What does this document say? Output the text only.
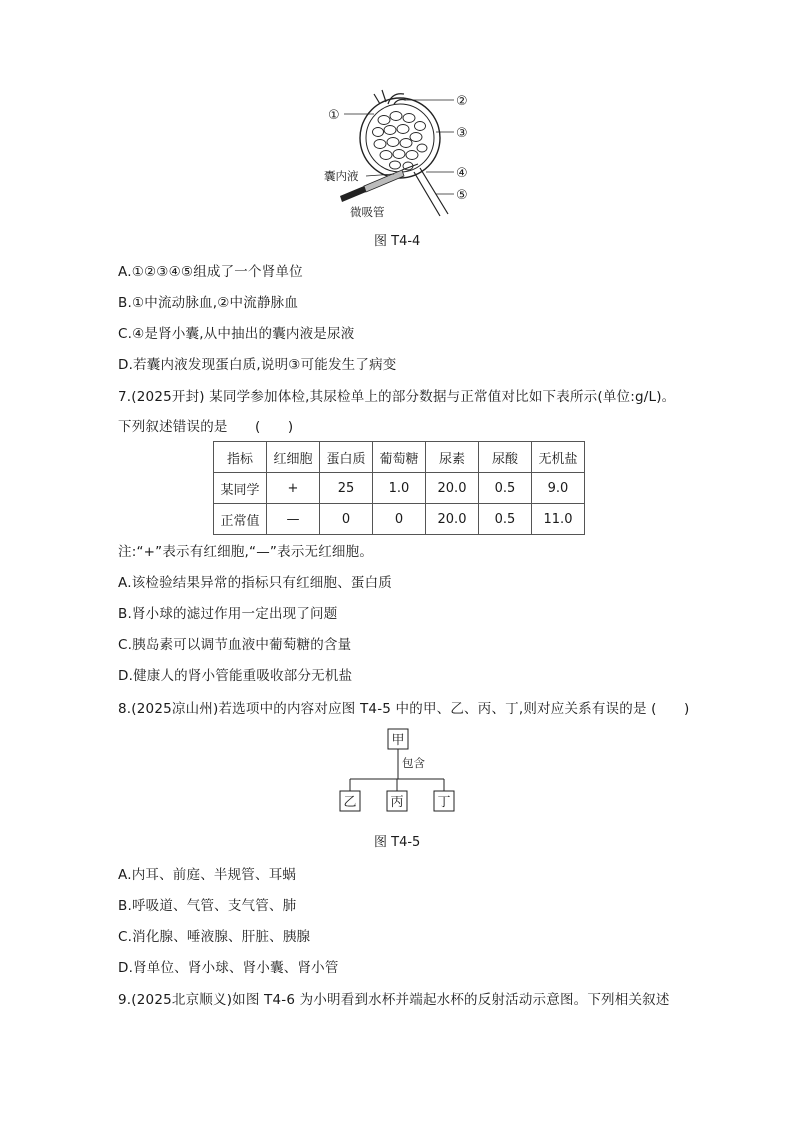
①
②
③
④
⑤
囊内液
微吸管
图 T4-4
A.①②③④⑤组成了一个肾单位
B.①中流动脉血,②中流静脉血
C.④是肾小囊,从中抽出的囊内液是尿液
D.若囊内液发现蛋白质,说明③可能发生了病变
7.(2025开封) 某同学参加体检,其尿检单上的部分数据与正常值对比如下表所示(单位:g/L)。
下列叙述错误的是　　(　　)
指标	红细胞	蛋白质	葡萄糖	尿素	尿酸	无机盐
某同学	+	25	1.0	20.0	0.5	9.0
正常值	—	0	0	20.0	0.5	11.0
注:“+”表示有红细胞,“—”表示无红细胞。
A.该检验结果异常的指标只有红细胞、蛋白质
B.肾小球的滤过作用一定出现了问题
C.胰岛素可以调节血液中葡萄糖的含量
D.健康人的肾小管能重吸收部分无机盐
8.(2025凉山州)若选项中的内容对应图 T4-5 中的甲、乙、丙、丁,则对应关系有误的是 (　　)
甲
包含
乙	丙	丁
图 T4-5
A.内耳、前庭、半规管、耳蜗
B.呼吸道、气管、支气管、肺
C.消化腺、唾液腺、肝脏、胰腺
D.肾单位、肾小球、肾小囊、肾小管
9.(2025北京顺义)如图 T4-6 为小明看到水杯并端起水杯的反射活动示意图。下列相关叙述
